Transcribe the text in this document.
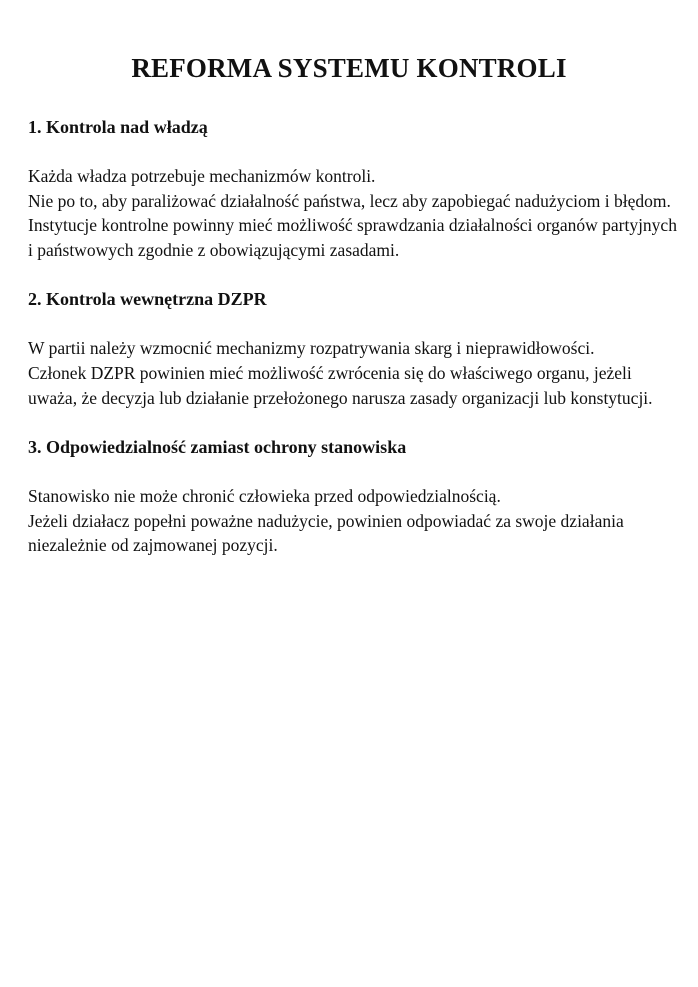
REFORMA SYSTEMU KONTROLI

1. Kontrola nad władzą

Każda władza potrzebuje mechanizmów kontroli.

Nie po to, aby paraliżować działalność państwa, lecz aby zapobiegać nadużyciom i błędom.

Instytucje kontrolne powinny mieć możliwość sprawdzania działalności organów partyjnych i państwowych zgodnie z obowiązującymi zasadami.

2. Kontrola wewnętrzna DZPR

W partii należy wzmocnić mechanizmy rozpatrywania skarg i nieprawidłowości.

Członek DZPR powinien mieć możliwość zwrócenia się do właściwego organu, jeżeli uważa, że decyzja lub działanie przełożonego narusza zasady organizacji lub konstytucji.

3. Odpowiedzialność zamiast ochrony stanowiska

Stanowisko nie może chronić człowieka przed odpowiedzialnością.

Jeżeli działacz popełni poważne nadużycie, powinien odpowiadać za swoje działania niezależnie od zajmowanej pozycji.
